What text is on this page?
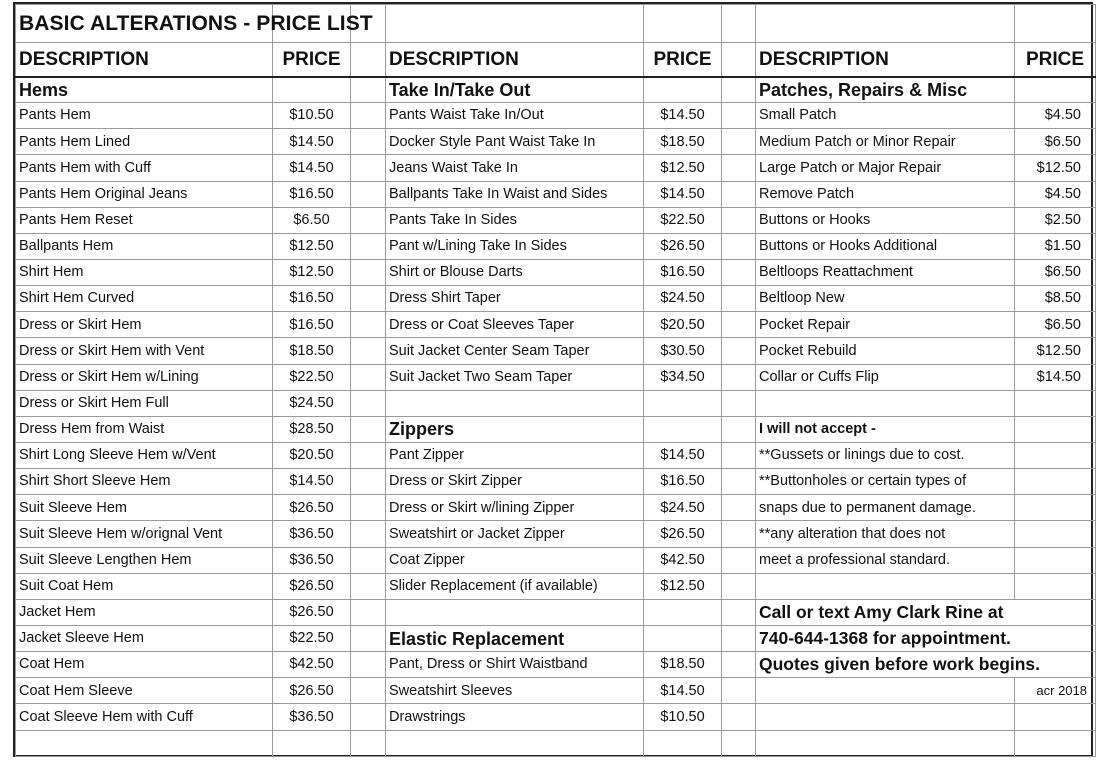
BASIC ALTERATIONS - PRICE LIST							
DESCRIPTION	PRICE		DESCRIPTION	PRICE		DESCRIPTION	PRICE
Hems			Take In/Take Out			Patches, Repairs & Misc	
Pants Hem	$10.50		Pants Waist Take In/Out	$14.50		Small Patch	$4.50
Pants Hem Lined	$14.50		Docker Style Pant Waist Take In	$18.50		Medium Patch or Minor Repair	$6.50
Pants Hem with Cuff	$14.50		Jeans Waist Take In	$12.50		Large Patch or Major Repair	$12.50
Pants Hem Original Jeans	$16.50		Ballpants Take In Waist and Sides	$14.50		Remove Patch	$4.50
Pants Hem Reset	$6.50		Pants Take In Sides	$22.50		Buttons or Hooks	$2.50
Ballpants Hem	$12.50		Pant w/Lining Take In Sides	$26.50		Buttons or Hooks Additional	$1.50
Shirt Hem	$12.50		Shirt or Blouse Darts	$16.50		Beltloops Reattachment	$6.50
Shirt Hem Curved	$16.50		Dress Shirt Taper	$24.50		Beltloop New	$8.50
Dress or Skirt Hem	$16.50		Dress or Coat Sleeves Taper	$20.50		Pocket Repair	$6.50
Dress or Skirt Hem with Vent	$18.50		Suit Jacket Center Seam Taper	$30.50		Pocket Rebuild	$12.50
Dress or Skirt Hem w/Lining	$22.50		Suit Jacket Two Seam Taper	$34.50		Collar or Cuffs Flip	$14.50
Dress or Skirt Hem Full	$24.50						
Dress Hem from Waist	$28.50		Zippers			I will not accept -	
Shirt Long Sleeve Hem w/Vent	$20.50		Pant Zipper	$14.50		**Gussets or linings due to cost.	
Shirt Short Sleeve Hem	$14.50		Dress or Skirt Zipper	$16.50		**Buttonholes or certain types of	
Suit Sleeve Hem	$26.50		Dress or Skirt w/lining Zipper	$24.50		snaps due to permanent damage.	
Suit Sleeve Hem w/orignal Vent	$36.50		Sweatshirt or Jacket Zipper	$26.50		**any alteration that does not	
Suit Sleeve Lengthen Hem	$36.50		Coat Zipper	$42.50		meet a professional standard.	
Suit Coat Hem	$26.50		Slider Replacement (if available)	$12.50			
Jacket Hem	$26.50					Call or text Amy Clark Rine at	
Jacket Sleeve Hem	$22.50		Elastic Replacement			740-644-1368 for appointment.	
Coat Hem	$42.50		Pant, Dress or Shirt Waistband	$18.50		Quotes given before work begins.	
Coat Hem Sleeve	$26.50		Sweatshirt Sleeves	$14.50			acr 2018
Coat Sleeve Hem with Cuff	$36.50		Drawstrings	$10.50			
